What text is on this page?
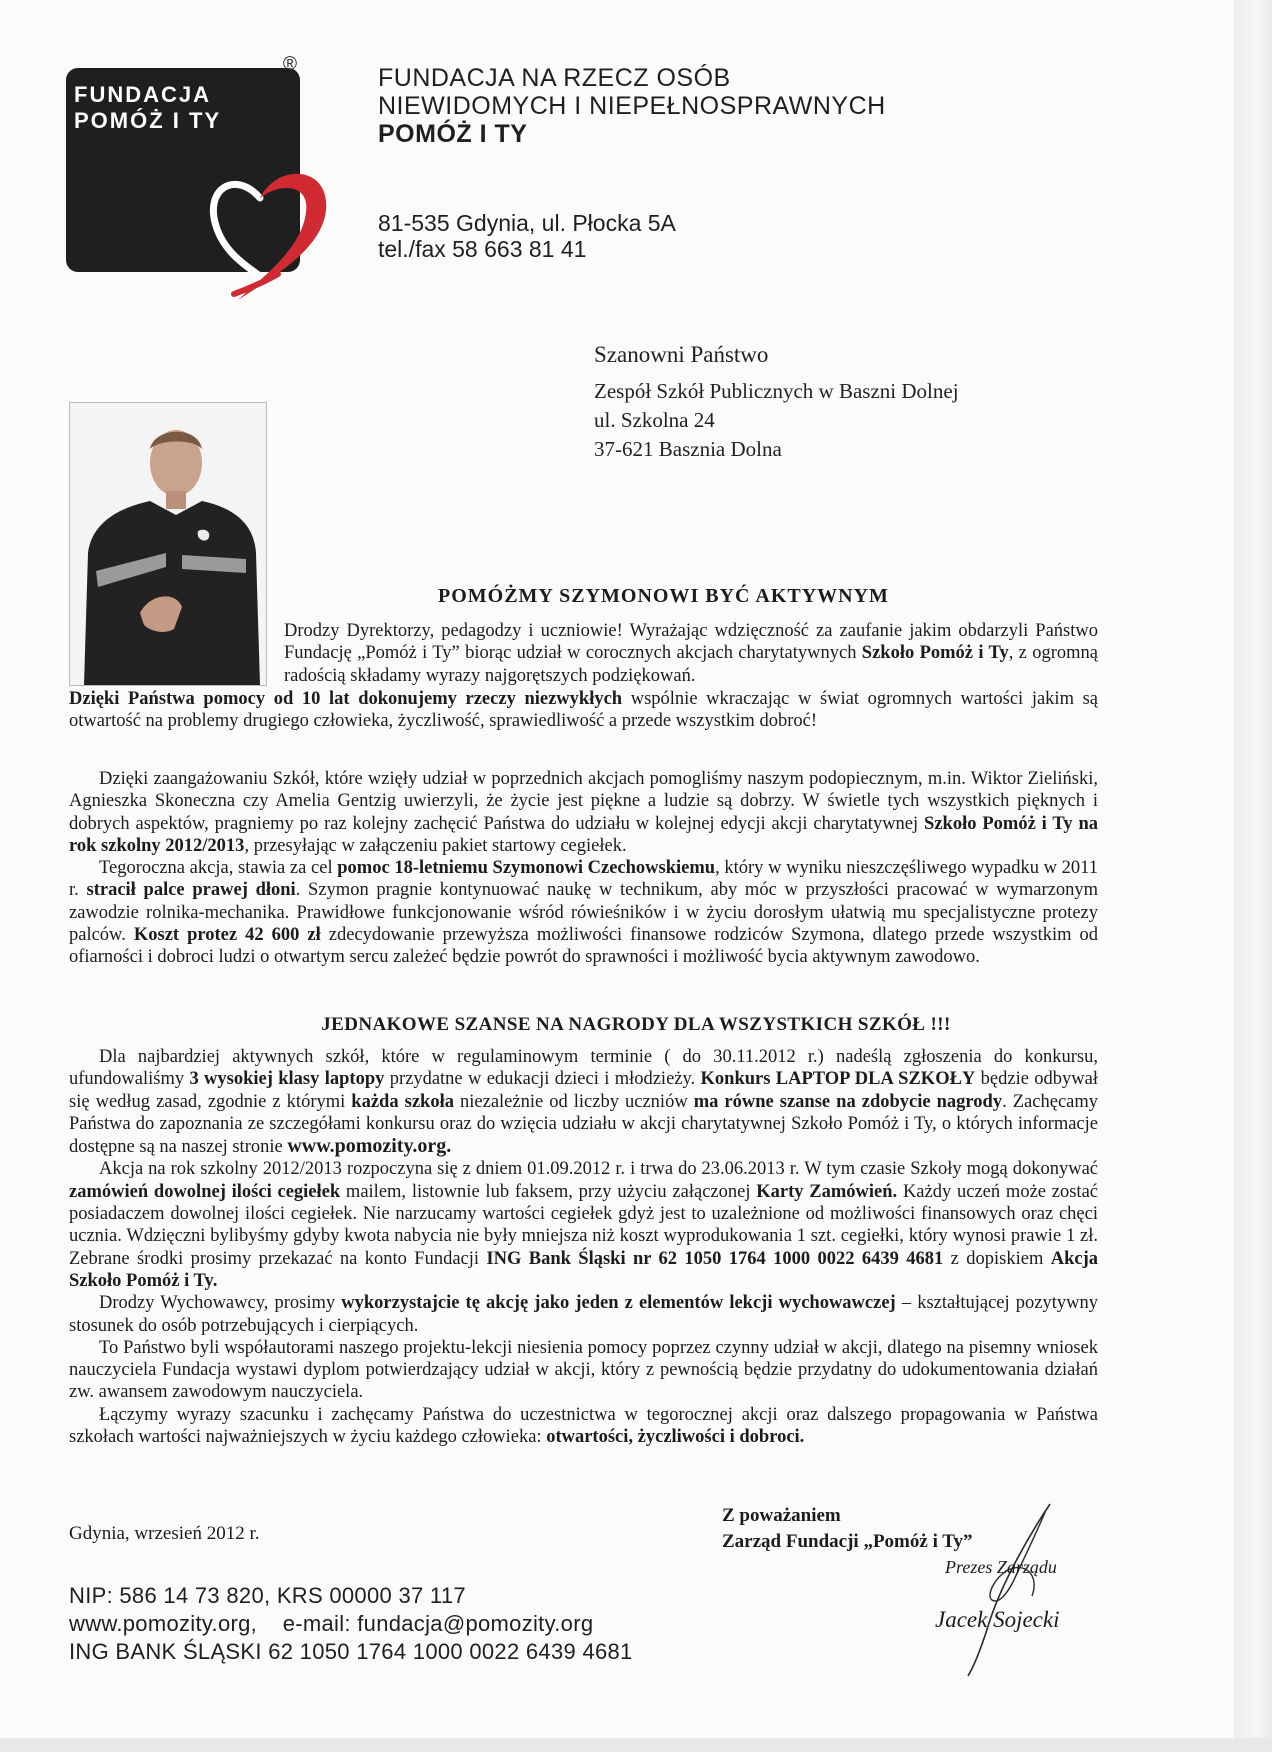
FUNDACJA
POMÓŻ I TY
®	FUNDACJA NA RZECZ OSÓB
NIEWIDOMYCH I NIEPEŁNOSPRAWNYCH
POMÓŻ I TY
81-535 Gdynia, ul. Płocka 5A
tel./fax 58 663 81 41
Szanowni Państwo
Zespół Szkół Publicznych w Baszni Dolnej
ul. Szkolna 24
37-621 Basznia Dolna
POMÓŻMY SZYMONOWI BYĆ AKTYWNYM

Drodzy Dyrektorzy, pedagodzy i uczniowie! Wyrażając wdzięczność za zaufanie jakim obdarzyli Państwo Fundację „Pomóż i Ty” biorąc udział w corocznych akcjach charytatywnych Szkoło Pomóż i Ty, z ogromną radością składamy wyrazy najgorętszych podziękowań.

Dzięki Państwa pomocy od 10 lat dokonujemy rzeczy niezwykłych wspólnie wkraczając w świat ogromnych wartości jakim są otwartość na problemy drugiego człowieka, życzliwość, sprawiedliwość a przede wszystkim dobroć!

Dzięki zaangażowaniu Szkół, które wzięły udział w poprzednich akcjach pomogliśmy naszym podopiecznym, m.in. Wiktor Zieliński, Agnieszka Skoneczna czy Amelia Gentzig uwierzyli, że życie jest piękne a ludzie są dobrzy. W świetle tych wszystkich pięknych i dobrych aspektów, pragniemy po raz kolejny zachęcić Państwa do udziału w kolejnej edycji akcji charytatywnej Szkoło Pomóż i Ty na rok szkolny 2012/2013, przesyłając w załączeniu pakiet startowy cegiełek.

Tegoroczna akcja, stawia za cel pomoc 18-letniemu Szymonowi Czechowskiemu, który w wyniku nieszczęśliwego wypadku w 2011 r. stracił palce prawej dłoni. Szymon pragnie kontynuować naukę w technikum, aby móc w przyszłości pracować w wymarzonym zawodzie rolnika-mechanika. Prawidłowe funkcjonowanie wśród rówieśników i w życiu dorosłym ułatwią mu specjalistyczne protezy palców. Koszt protez 42 600 zł zdecydowanie przewyższa możliwości finansowe rodziców Szymona, dlatego przede wszystkim od ofiarności i dobroci ludzi o otwartym sercu zależeć będzie powrót do sprawności i możliwość bycia aktywnym zawodowo.

JEDNAKOWE SZANSE NA NAGRODY DLA WSZYSTKICH SZKÓŁ !!!

Dla najbardziej aktywnych szkół, które w regulaminowym terminie ( do 30.11.2012 r.) nadeślą zgłoszenia do konkursu, ufundowaliśmy 3 wysokiej klasy laptopy przydatne w edukacji dzieci i młodzieży. Konkurs LAPTOP DLA SZKOŁY będzie odbywał się według zasad, zgodnie z którymi każda szkoła niezależnie od liczby uczniów ma równe szanse na zdobycie nagrody. Zachęcamy Państwa do zapoznania ze szczegółami konkursu oraz do wzięcia udziału w akcji charytatywnej Szkoło Pomóż i Ty, o których informacje dostępne są na naszej stronie www.pomozity.org.

Akcja na rok szkolny 2012/2013 rozpoczyna się z dniem 01.09.2012 r. i trwa do 23.06.2013 r. W tym czasie Szkoły mogą dokonywać zamówień dowolnej ilości cegiełek mailem, listownie lub faksem, przy użyciu załączonej Karty Zamówień. Każdy uczeń może zostać posiadaczem dowolnej ilości cegiełek. Nie narzucamy wartości cegiełek gdyż jest to uzależnione od możliwości finansowych oraz chęci ucznia. Wdzięczni bylibyśmy gdyby kwota nabycia nie były mniejsza niż koszt wyprodukowania 1 szt. cegiełki, który wynosi prawie 1 zł. Zebrane środki prosimy przekazać na konto Fundacji ING Bank Śląski nr 62 1050 1764 1000 0022 6439 4681 z dopiskiem Akcja Szkoło Pomóż i Ty.

Drodzy Wychowawcy, prosimy wykorzystajcie tę akcję jako jeden z elementów lekcji wychowawczej – kształtującej pozytywny stosunek do osób potrzebujących i cierpiących.

To Państwo byli współautorami naszego projektu-lekcji niesienia pomocy poprzez czynny udział w akcji, dlatego na pisemny wniosek nauczyciela Fundacja wystawi dyplom potwierdzający udział w akcji, który z pewnością będzie przydatny do udokumentowania działań zw. awansem zawodowym nauczyciela.

Łączymy wyrazy szacunku i zachęcamy Państwa do uczestnictwa w tegorocznej akcji oraz dalszego propagowania w Państwa szkołach wartości najważniejszych w życiu każdego człowieka: otwartości, życzliwości i dobroci.

Gdynia, wrzesień 2012 r.
Z poważaniem
Zarząd Fundacji „Pomóż i Ty”
Prezes Zarządu
Jacek Sojecki
NIP: 586 14 73 820, KRS 00000 37 117
www.pomozity.org,    e-mail: fundacja@pomozity.org
ING BANK ŚLĄSKI 62 1050 1764 1000 0022 6439 4681
